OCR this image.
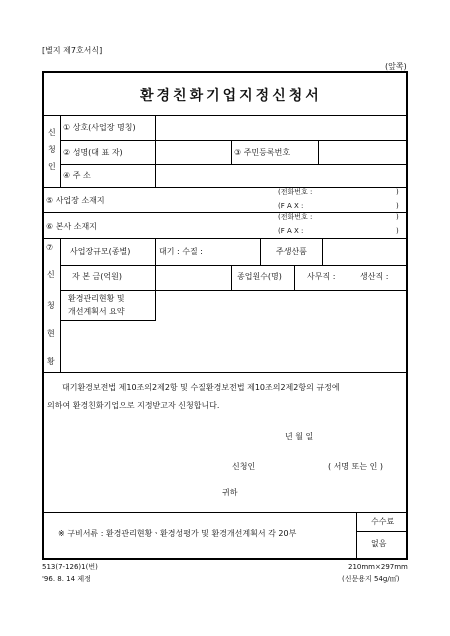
[별지 제7호서식]
(앞쪽)
환경친화기업지정신청서
신
청
인
① 상호(사업장 명칭)
② 성명(대 표 자)	③ 주민등록번호
④ 주 소
⑤ 사업장 소재지
(전화번호 :	)
(F A X :	)
⑥ 본사 소재지
(전화번호 :	)
(F A X :	)
⑦
신
청
현
황
사업장규모(종별)	대기 : 수질 :	주생산품
자 본 금(억원)	종업원수(명)	사무직 :	생산직 :
환경관리현황 및
개선계획서 요약
대기환경보전법 제10조의2제2항 및 수질환경보전법 제10조의2제2항의 규정에
의하여 환경친화기업으로 지정받고자 신청합니다.
년 월 일
신청인	( 서명 또는 인 )
귀하
※ 구비서류 : 환경관리현황ㆍ환경성평가 및 환경개선계획서 각 20부
수수료
없음
513(7-126)1(번)
'96. 8. 14 제정
210mm×297mm
(신문용지 54g/㎡)
